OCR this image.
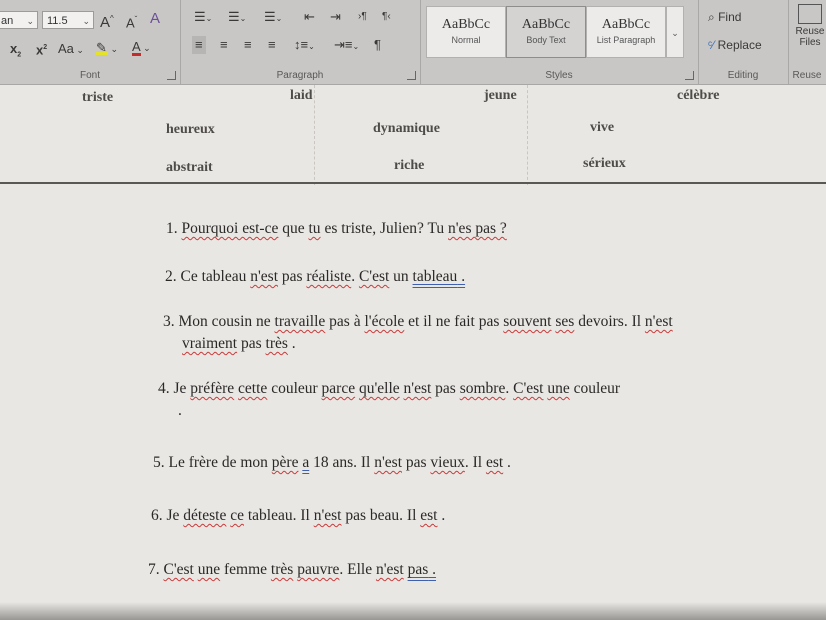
an ⌄	11.5 ⌄ A^ $A^ˇ$ A
$x_2$ $x^2$ Aa ⌄ ✎ ⌄ A ⌄
Font
☰⌄ ☰⌄ ☰⌄ ⇤ ⇥ ›¶ ¶‹
≡ ≡ ≡ ≡ ↕≡⌄ ⇥≡⌄ ¶
Paragraph
AaBbCc
Normal
AaBbCc
Body Text
AaBbCc
List Paragraph
Styles
⌄
⌕ Find
ᶜ⁄ Replace
Editing
Reuse
Files
Reuse
triste	laid	jeune	célèbre
heureux	dynamique	vive
abstrait	riche	sérieux
1. Pourquoi est-ce que tu es triste, Julien? Tu n'es pas ?
2. Ce tableau n'est pas réaliste. C'est un tableau .
3. Mon cousin ne travaille pas à l'école et il ne fait pas souvent ses devoirs. Il n'est
vraiment pas très .
4. Je préfère cette couleur parce qu'elle n'est pas sombre. C'est une couleur
.
5. Le frère de mon père a 18 ans. Il n'est pas vieux. Il est .
6. Je déteste ce tableau. Il n'est pas beau. Il est .
7. C'est une femme très pauvre. Elle n'est pas .
